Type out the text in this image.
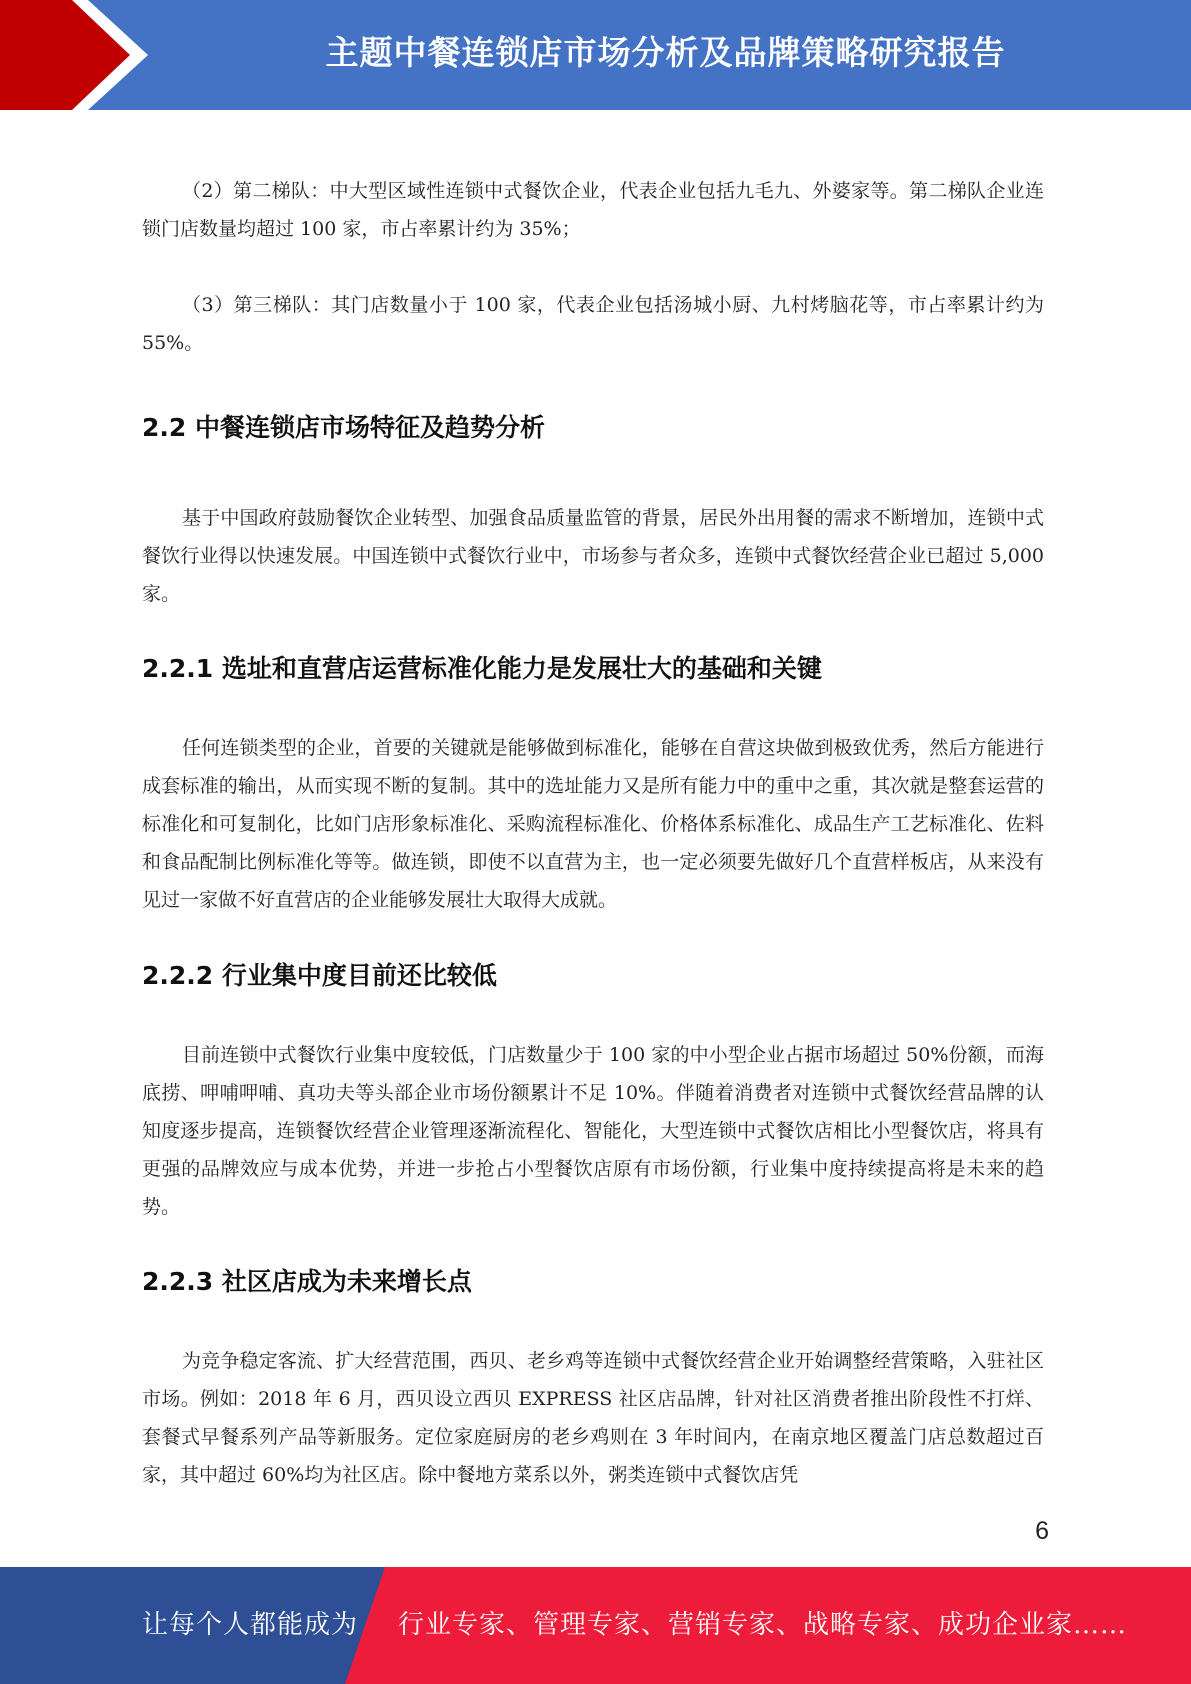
主题中餐连锁店市场分析及品牌策略研究报告

（2）第二梯队：中大型区域性连锁中式餐饮企业，代表企业包括九毛九、外婆家等。第二梯队企业连锁门店数量均超过 100 家，市占率累计约为 35%；

（3）第三梯队：其门店数量小于 100 家，代表企业包括汤城小厨、九村烤脑花等，市占率累计约为 55%。

2.2 中餐连锁店市场特征及趋势分析

基于中国政府鼓励餐饮企业转型、加强食品质量监管的背景，居民外出用餐的需求不断增加，连锁中式餐饮行业得以快速发展。中国连锁中式餐饮行业中，市场参与者众多，连锁中式餐饮经营企业已超过 5,000 家。

2.2.1 选址和直营店运营标准化能力是发展壮大的基础和关键

任何连锁类型的企业，首要的关键就是能够做到标准化，能够在自营这块做到极致优秀，然后方能进行成套标准的输出，从而实现不断的复制。其中的选址能力又是所有能力中的重中之重，其次就是整套运营的标准化和可复制化，比如门店形象标准化、采购流程标准化、价格体系标准化、成品生产工艺标准化、佐料和食品配制比例标准化等等。做连锁，即使不以直营为主，也一定必须要先做好几个直营样板店，从来没有见过一家做不好直营店的企业能够发展壮大取得大成就。

2.2.2 行业集中度目前还比较低

目前连锁中式餐饮行业集中度较低，门店数量少于 100 家的中小型企业占据市场超过 50%份额，而海底捞、呷哺呷哺、真功夫等头部企业市场份额累计不足 10%。伴随着消费者对连锁中式餐饮经营品牌的认知度逐步提高，连锁餐饮经营企业管理逐渐流程化、智能化，大型连锁中式餐饮店相比小型餐饮店，将具有更强的品牌效应与成本优势，并进一步抢占小型餐饮店原有市场份额，行业集中度持续提高将是未来的趋势。

2.2.3 社区店成为未来增长点

为竞争稳定客流、扩大经营范围，西贝、老乡鸡等连锁中式餐饮经营企业开始调整经营策略，入驻社区市场。例如：2018 年 6 月，西贝设立西贝 EXPRESS 社区店品牌，针对社区消费者推出阶段性不打烊、套餐式早餐系列产品等新服务。定位家庭厨房的老乡鸡则在 3 年时间内，在南京地区覆盖门店总数超过百家，其中超过 60%均为社区店。除中餐地方菜系以外，粥类连锁中式餐饮店凭

6
让每个人都能成为 行业专家、管理专家、营销专家、战略专家、成功企业家……
